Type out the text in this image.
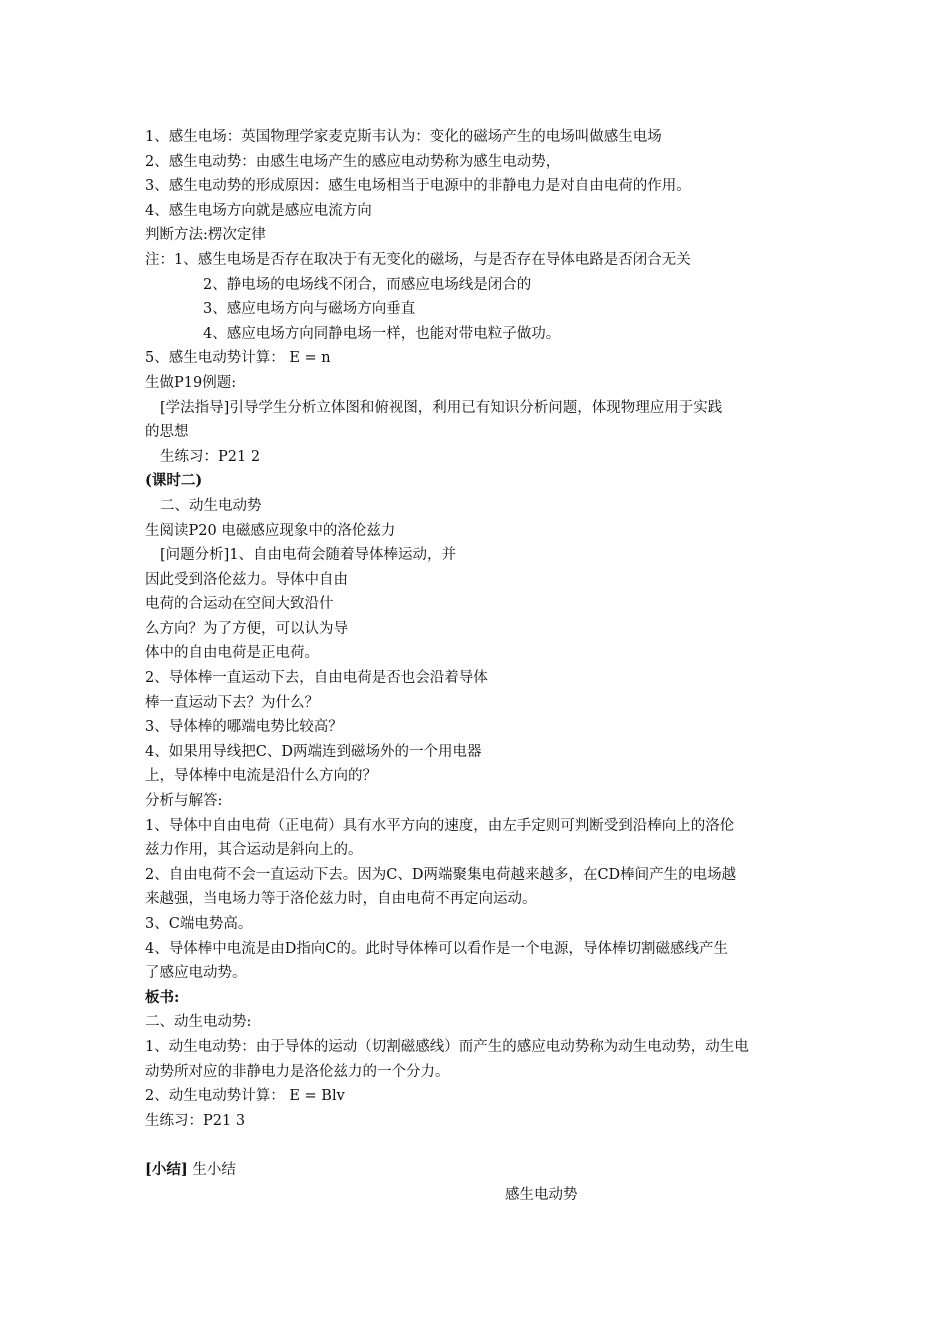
1、感生电场：英国物理学家麦克斯韦认为：变化的磁场产生的电场叫做感生电场
2、感生电动势：由感生电场产生的感应电动势称为感生电动势，
3、感生电动势的形成原因：感生电场相当于电源中的非静电力是对自由电荷的作用。
4、感生电场方向就是感应电流方向
判断方法:楞次定律
注：1、感生电场是否存在取决于有无变化的磁场，与是否存在导体电路是否闭合无关
2、静电场的电场线不闭合，而感应电场线是闭合的
3、感应电场方向与磁场方向垂直
4、感应电场方向同静电场一样，也能对带电粒子做功。
5、感生电动势计算： E = n
生做P19例题:
[学法指导]引导学生分析立体图和俯视图，利用已有知识分析问题，体现物理应用于实践
的思想
生练习：P21 2
(课时二)
二、动生电动势
生阅读P20 电磁感应现象中的洛伦兹力
[问题分析]1、自由电荷会随着导体棒运动，并
因此受到洛伦兹力。导体中自由
电荷的合运动在空间大致沿什
么方向？为了方便，可以认为导
体中的自由电荷是正电荷。
2、导体棒一直运动下去，自由电荷是否也会沿着导体
棒一直运动下去？为什么？
3、导体棒的哪端电势比较高？
4、如果用导线把C、D两端连到磁场外的一个用电器
上，导体棒中电流是沿什么方向的？
分析与解答:
1、导体中自由电荷（正电荷）具有水平方向的速度，由左手定则可判断受到沿棒向上的洛伦
兹力作用，其合运动是斜向上的。
2、自由电荷不会一直运动下去。因为C、D两端聚集电荷越来越多，在CD棒间产生的电场越
来越强，当电场力等于洛伦兹力时，自由电荷不再定向运动。
3、C端电势高。
4、导体棒中电流是由D指向C的。此时导体棒可以看作是一个电源，导体棒切割磁感线产生
了感应电动势。
板书:
二、动生电动势:
1、动生电动势：由于导体的运动（切割磁感线）而产生的感应电动势称为动生电动势，动生电
动势所对应的非静电力是洛伦兹力的一个分力。
2、动生电动势计算： E = Blv
生练习：P21 3
[小结] 生小结
感生电动势
